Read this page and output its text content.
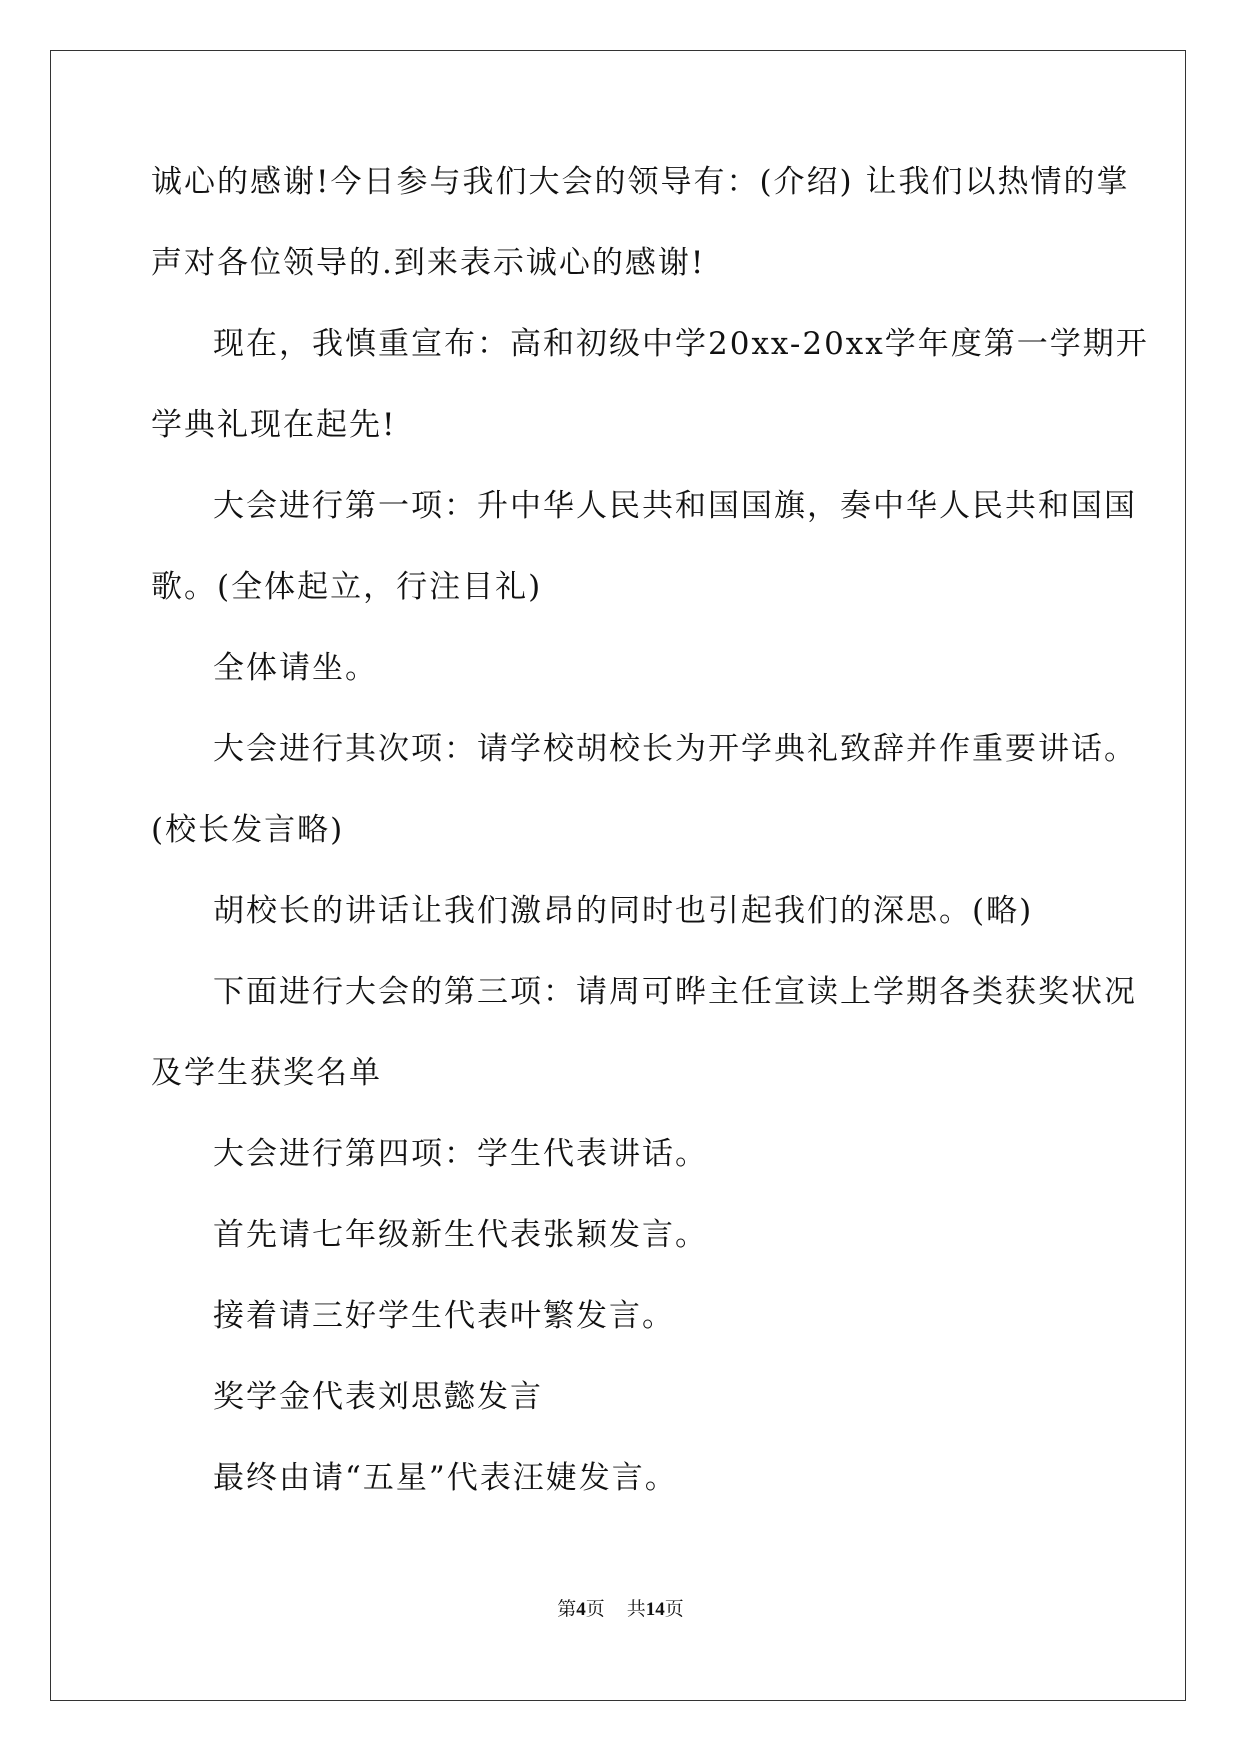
诚心的感谢!今日参与我们大会的领导有：(介绍) 让我们以热情的掌
声对各位领导的.到来表示诚心的感谢!
现在，我慎重宣布：高和初级中学20xx-20xx学年度第一学期开
学典礼现在起先!
大会进行第一项：升中华人民共和国国旗，奏中华人民共和国国
歌。(全体起立，行注目礼)
全体请坐。
大会进行其次项：请学校胡校长为开学典礼致辞并作重要讲话。
(校长发言略)
胡校长的讲话让我们激昂的同时也引起我们的深思。(略)
下面进行大会的第三项：请周可晔主任宣读上学期各类获奖状况
及学生获奖名单
大会进行第四项：学生代表讲话。
首先请七年级新生代表张颖发言。
接着请三好学生代表叶繁发言。
奖学金代表刘思懿发言
最终由请“五星”代表汪婕发言。
第4页 共14页
